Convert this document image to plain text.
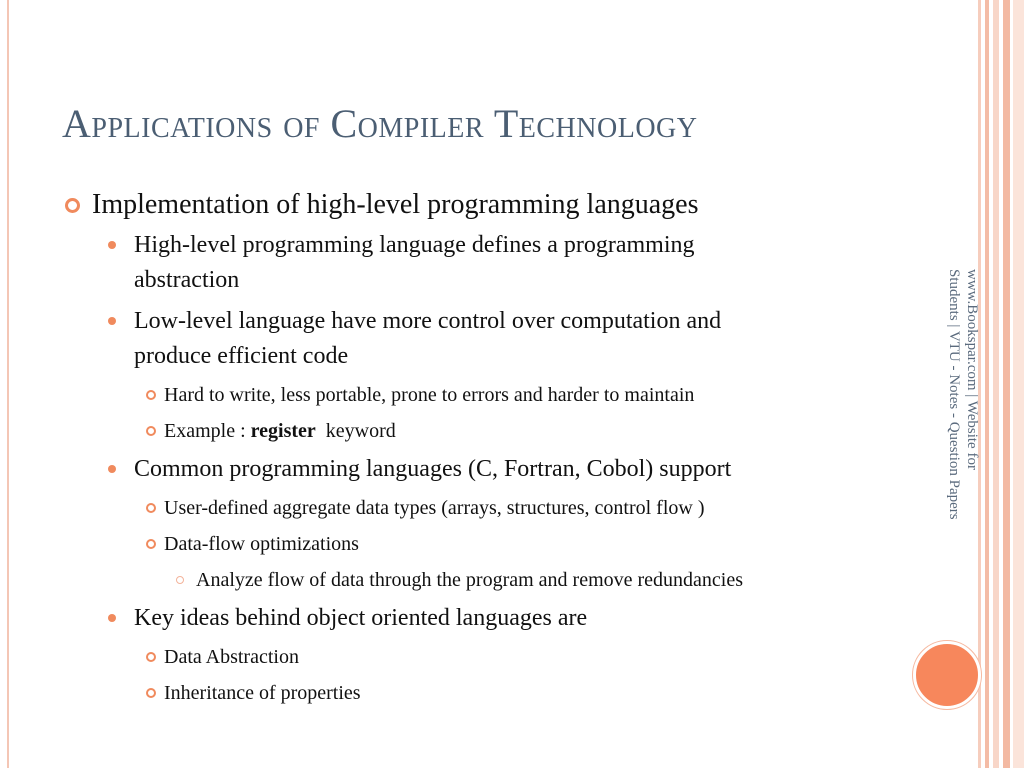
Applications of Compiler Technology
Implementation of high-level programming languages
High-level programming language defines a programming
abstraction
Low-level language have more control over computation and
produce efficient code
Hard to write, less portable, prone to errors and harder to maintain
Example : register  keyword
Common programming languages (C, Fortran, Cobol) support
User-defined aggregate data types (arrays, structures, control flow )
Data-flow optimizations
Analyze flow of data through the program and remove redundancies
Key ideas behind object oriented languages are
Data Abstraction
Inheritance of properties
www.Bookspar.com | Website for
Students | VTU - Notes - Question Papers
